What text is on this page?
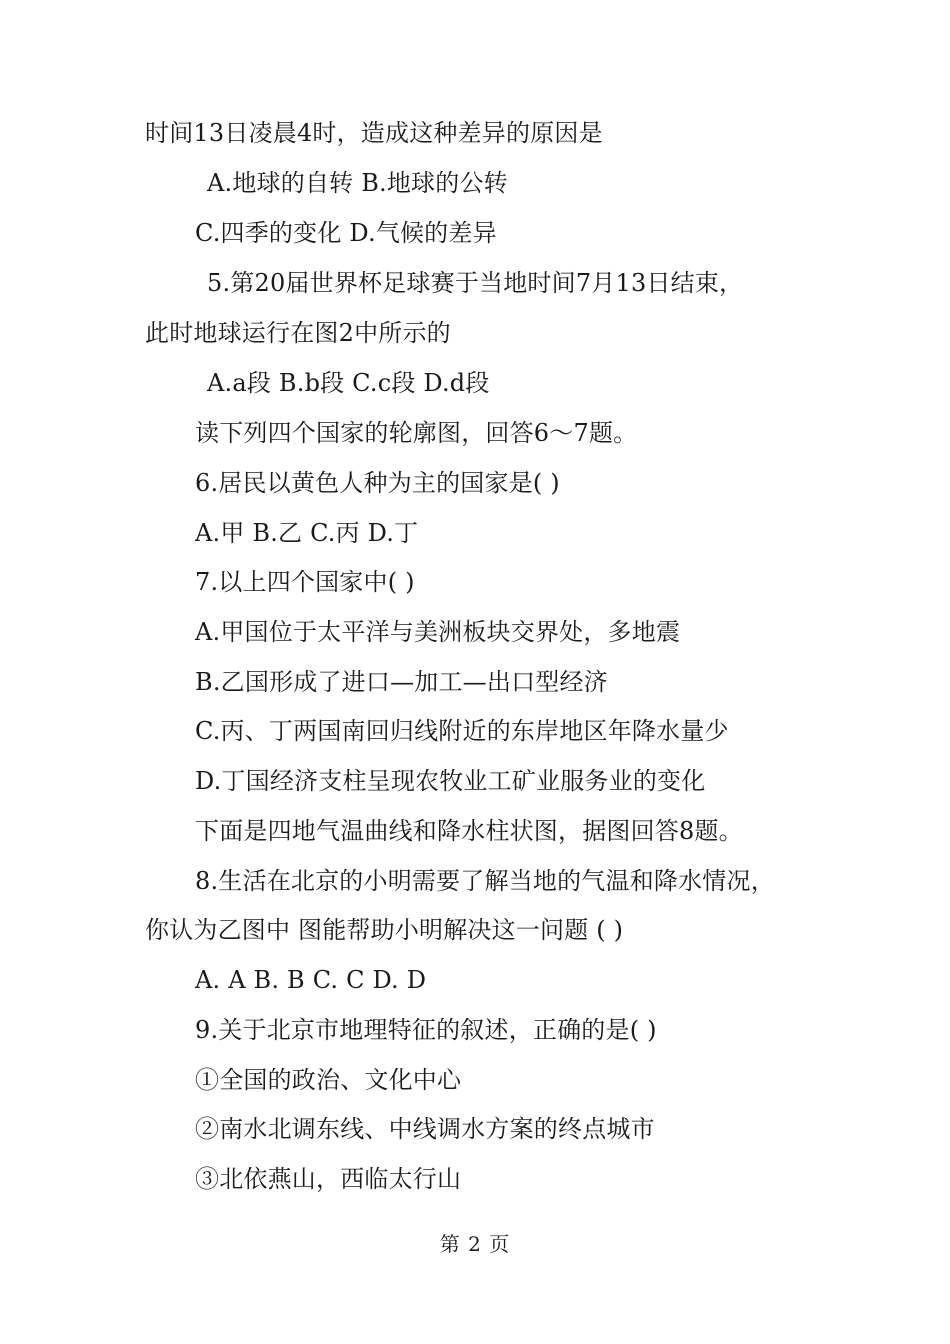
时间13日凌晨4时，造成这种差异的原因是
A.地球的自转 B.地球的公转
C.四季的变化 D.气候的差异
5.第20届世界杯足球赛于当地时间7月13日结束，
此时地球运行在图2中所示的
A.a段 B.b段 C.c段 D.d段
读下列四个国家的轮廓图，回答6～7题。
6.居民以黄色人种为主的国家是( )
A.甲 B.乙 C.丙 D.丁
7.以上四个国家中( )
A.甲国位于太平洋与美洲板块交界处，多地震
B.乙国形成了进口—加工—出口型经济
C.丙、丁两国南回归线附近的东岸地区年降水量少
D.丁国经济支柱呈现农牧业工矿业服务业的变化
下面是四地气温曲线和降水柱状图，据图回答8题。
8.生活在北京的小明需要了解当地的气温和降水情况，
你认为乙图中 图能帮助小明解决这一问题 ( )
A. A B. B C. C D. D
9.关于北京市地理特征的叙述，正确的是( )
①全国的政治、文化中心
②南水北调东线、中线调水方案的终点城市
③北依燕山，西临太行山
第 2 页
